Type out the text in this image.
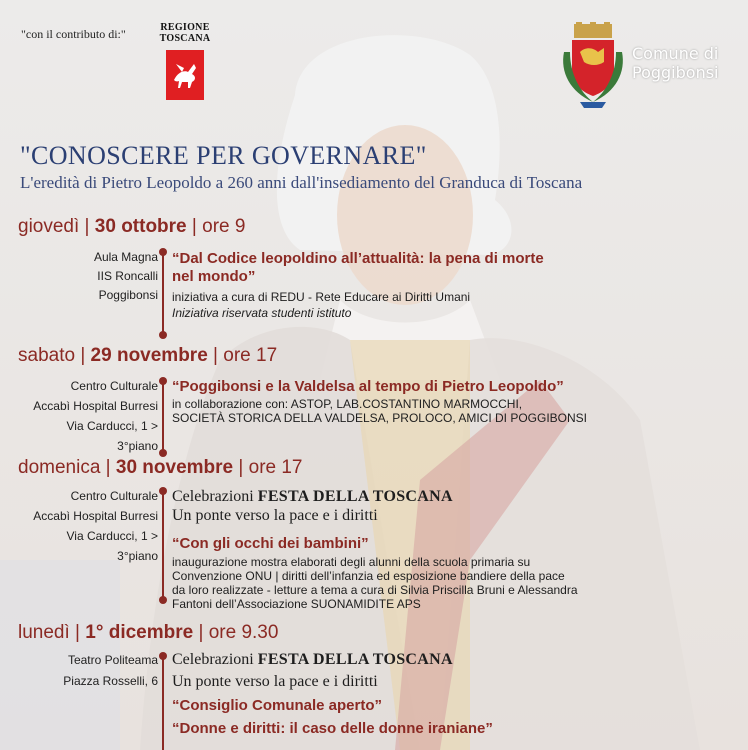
"con il contributo di:"	REGIONE
TOSCANA
Comune di
Poggibonsi
"CONOSCERE PER GOVERNARE"
L'eredità di Pietro Leopoldo a 260 anni dall'insediamento del Granduca di Toscana
giovedì | 30 ottobre | ore 9
Aula Magna
IIS Roncalli
Poggibonsi
“Dal Codice leopoldino all’attualità: la pena di morte
nel mondo”
iniziativa a cura di REDU - Rete Educare ai Diritti Umani
Iniziativa riservata studenti istituto
sabato | 29 novembre | ore 17
Centro Culturale
Accabì Hospital Burresi
Via Carducci, 1 >
3°piano
“Poggibonsi e la Valdelsa al tempo di Pietro Leopoldo”
in collaborazione con: ASTOP, LAB.COSTANTINO MARMOCCHI,
SOCIETÀ STORICA DELLA VALDELSA, PROLOCO, AMICI DI POGGIBONSI
domenica | 30 novembre | ore 17
Centro Culturale
Accabì Hospital Burresi
Via Carducci, 1 >
3°piano
Celebrazioni FESTA DELLA TOSCANA
Un ponte verso la pace e i diritti
“Con gli occhi dei bambini”
inaugurazione mostra elaborati degli alunni della scuola primaria su
Convenzione ONU | diritti dell’infanzia ed esposizione bandiere della pace
da loro realizzate - letture a tema a cura di Silvia Priscilla Bruni e Alessandra
Fantoni dell’Associazione SUONAMIDITE APS
lunedì | 1° dicembre | ore 9.30
Teatro Politeama
Piazza Rosselli, 6
Celebrazioni FESTA DELLA TOSCANA
Un ponte verso la pace e i diritti
“Consiglio Comunale aperto”
“Donne e diritti: il caso delle donne iraniane”
